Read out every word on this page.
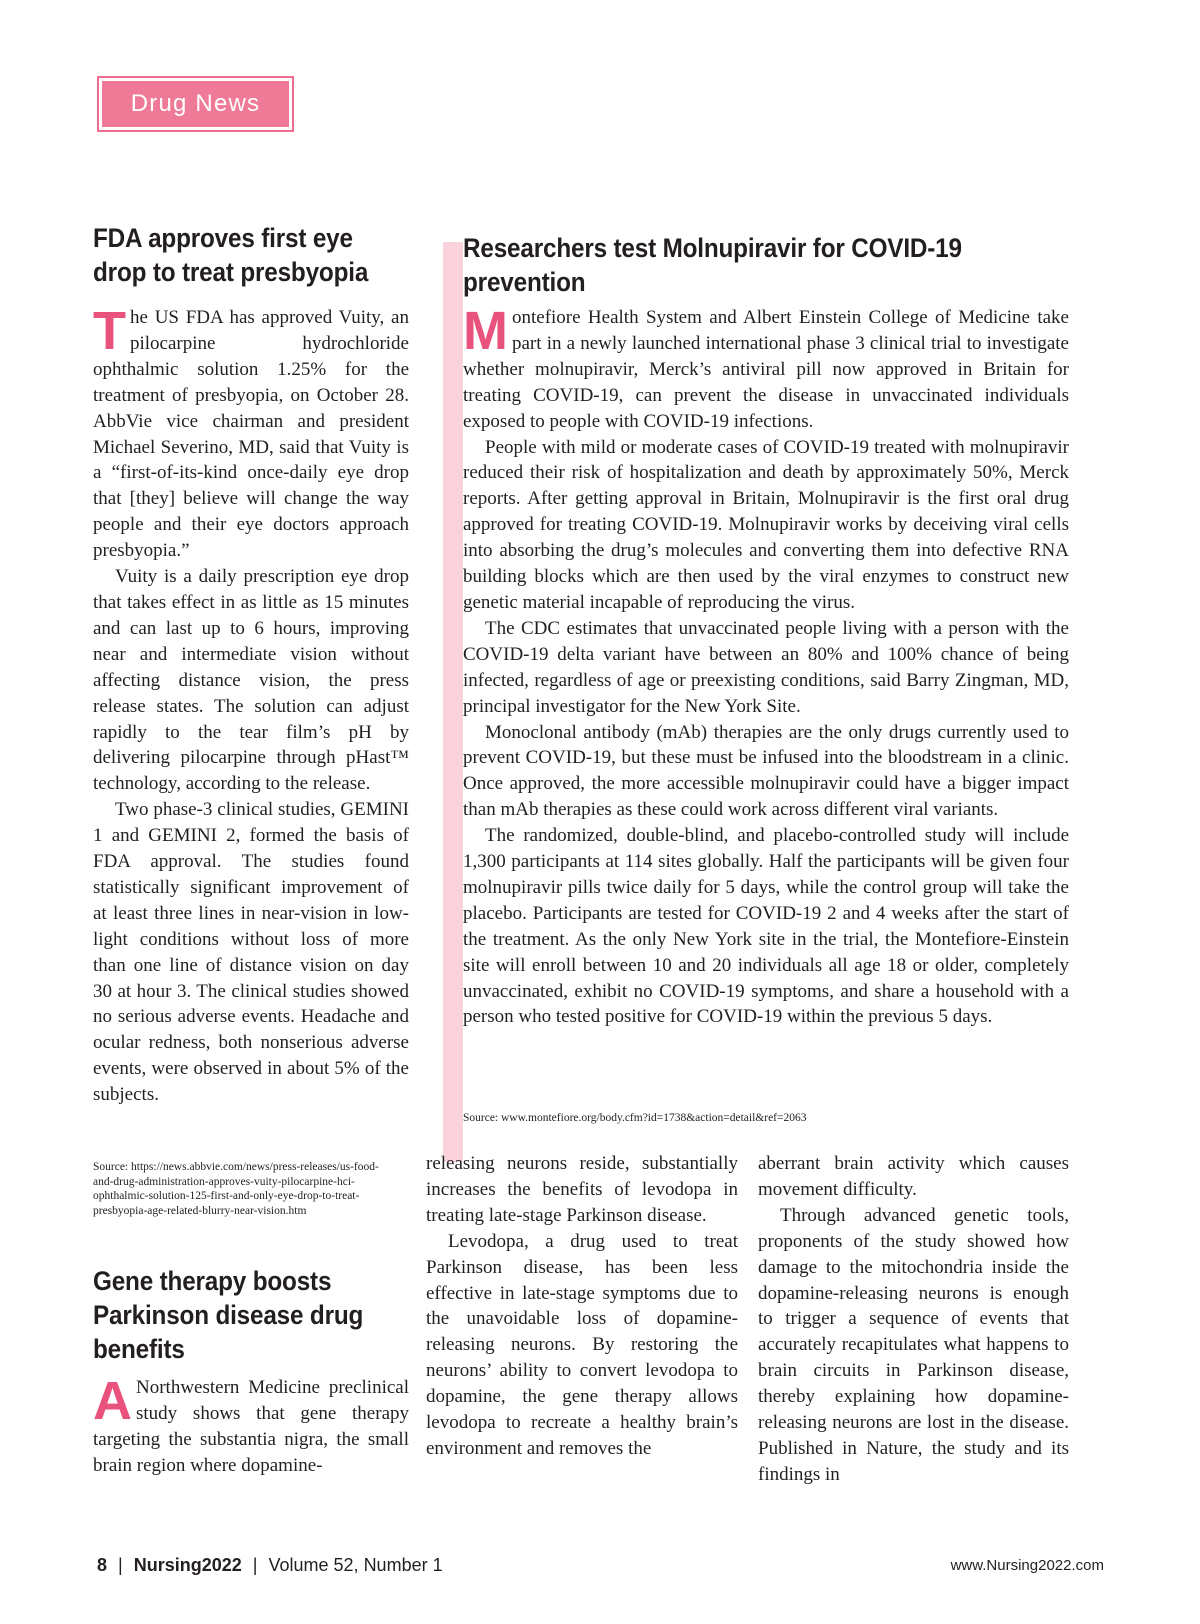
Drug News
FDA approves first eye drop to treat presbyopia

The US FDA has approved Vuity, an pilocarpine hydrochloride ophthalmic solution 1.25% for the treatment of presbyopia, on October 28. AbbVie vice chairman and president Michael Severino, MD, said that Vuity is a “first-of-its-kind once-daily eye drop that [they] believe will change the way people and their eye doctors approach presbyopia.”

Vuity is a daily prescription eye drop that takes effect in as little as 15 minutes and can last up to 6 hours, improving near and intermediate vision without affecting distance vision, the press release states. The solution can adjust rapidly to the tear film’s pH by delivering pilocarpine through pHast™ technology, according to the release.

Two phase-3 clinical studies, GEMINI 1 and GEMINI 2, formed the basis of FDA approval. The studies found statistically significant improvement of at least three lines in near-vision in low-light conditions without loss of more than one line of distance vision on day 30 at hour 3. The clinical studies showed no serious adverse events. Headache and ocular redness, both nonserious adverse events, were observed in about 5% of the subjects.

Source: https://news.abbvie.com/news/press-releases/us-food-and-drug-administration-approves-vuity-pilocarpine-hci-ophthalmic-solution-125-first-and-only-eye-drop-to-treat-presbyopia-age-related-blurry-near-vision.htm
Researchers test Molnupiravir for COVID-19 prevention

Montefiore Health System and Albert Einstein College of Medicine take part in a newly launched international phase 3 clinical trial to investigate whether molnupiravir, Merck’s antiviral pill now approved in Britain for treating COVID-19, can prevent the disease in unvaccinated individuals exposed to people with COVID-19 infections.

People with mild or moderate cases of COVID-19 treated with molnupiravir reduced their risk of hospitalization and death by approximately 50%, Merck reports. After getting approval in Britain, Molnupiravir is the first oral drug approved for treating COVID-19. Molnupiravir works by deceiving viral cells into absorbing the drug’s molecules and converting them into defective RNA building blocks which are then used by the viral enzymes to construct new genetic material incapable of reproducing the virus.

The CDC estimates that unvaccinated people living with a person with the COVID-19 delta variant have between an 80% and 100% chance of being infected, regardless of age or preexisting conditions, said Barry Zingman, MD, principal investigator for the New York Site.

Monoclonal antibody (mAb) therapies are the only drugs currently used to prevent COVID-19, but these must be infused into the bloodstream in a clinic. Once approved, the more accessible molnupiravir could have a bigger impact than mAb therapies as these could work across different viral variants.

The randomized, double-blind, and placebo-controlled study will include 1,300 participants at 114 sites globally. Half the participants will be given four molnupiravir pills twice daily for 5 days, while the control group will take the placebo. Participants are tested for COVID-19 2 and 4 weeks after the start of the treatment. As the only New York site in the trial, the Montefiore-Einstein site will enroll between 10 and 20 individuals all age 18 or older, completely unvaccinated, exhibit no COVID-19 symptoms, and share a household with a person who tested positive for COVID-19 within the previous 5 days.

Source: www.montefiore.org/body.cfm?id=1738&action=detail&ref=2063
Gene therapy boosts Parkinson disease drug benefits

A Northwestern Medicine preclinical study shows that gene therapy targeting the substantia nigra, the small brain region where dopamine-

releasing neurons reside, substantially increases the benefits of levodopa in treating late-stage Parkinson disease.

Levodopa, a drug used to treat Parkinson disease, has been less effective in late-stage symptoms due to the unavoidable loss of dopamine-releasing neurons. By restoring the neurons’ ability to convert levodopa to dopamine, the gene therapy allows levodopa to recreate a healthy brain’s environment and removes the

aberrant brain activity which causes movement difficulty.

Through advanced genetic tools, proponents of the study showed how damage to the mitochondria inside the dopamine-releasing neurons is enough to trigger a sequence of events that accurately recapitulates what happens to brain circuits in Parkinson disease, thereby explaining how dopamine-releasing neurons are lost in the disease. Published in Nature, the study and its findings in

8 | Nursing2022 | Volume 52, Number 1	www.Nursing2022.com
